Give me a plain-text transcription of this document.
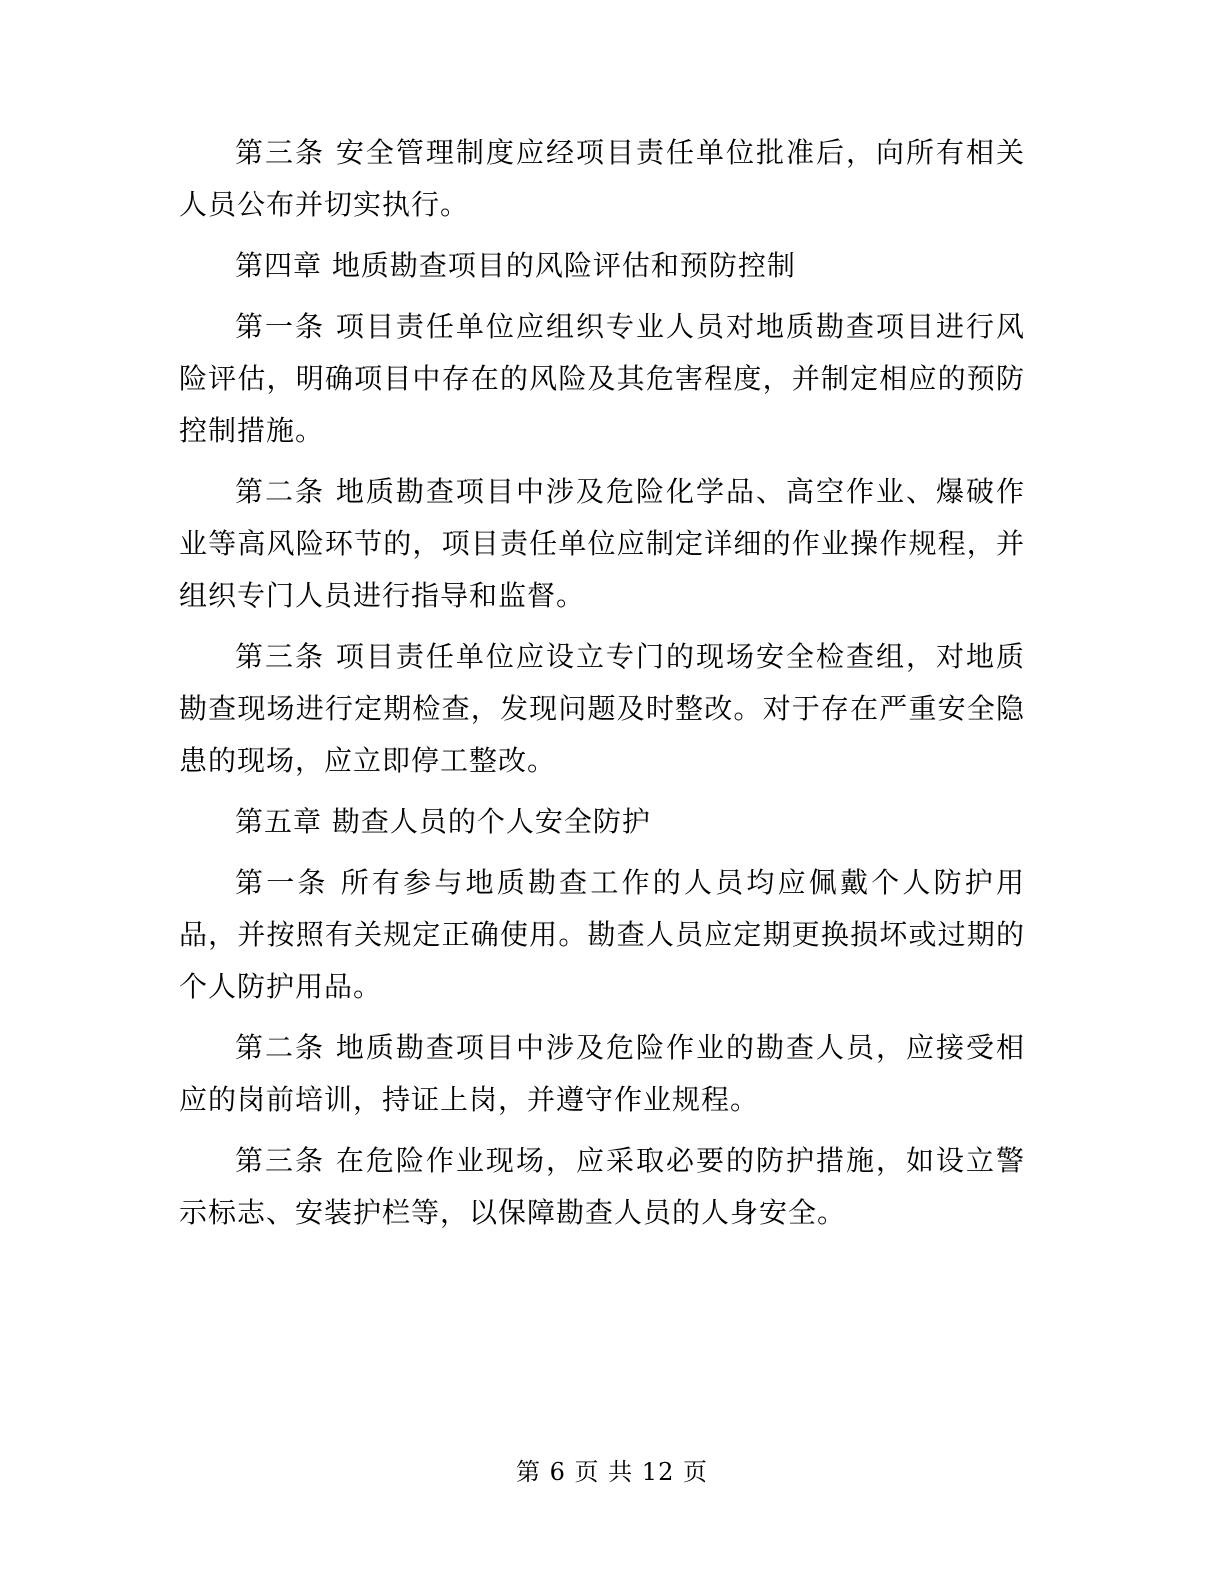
第三条 安全管理制度应经项目责任单位批准后，向所有相关人员公布并切实执行。

第四章 地质勘查项目的风险评估和预防控制

第一条 项目责任单位应组织专业人员对地质勘查项目进行风险评估，明确项目中存在的风险及其危害程度，并制定相应的预防控制措施。

第二条 地质勘查项目中涉及危险化学品、高空作业、爆破作业等高风险环节的，项目责任单位应制定详细的作业操作规程，并组织专门人员进行指导和监督。

第三条 项目责任单位应设立专门的现场安全检查组，对地质勘查现场进行定期检查，发现问题及时整改。对于存在严重安全隐患的现场，应立即停工整改。

第五章 勘查人员的个人安全防护

第一条 所有参与地质勘查工作的人员均应佩戴个人防护用品，并按照有关规定正确使用。勘查人员应定期更换损坏或过期的个人防护用品。

第二条 地质勘查项目中涉及危险作业的勘查人员，应接受相应的岗前培训，持证上岗，并遵守作业规程。

第三条 在危险作业现场，应采取必要的防护措施，如设立警示标志、安装护栏等，以保障勘查人员的人身安全。

第 6 页 共 12 页
